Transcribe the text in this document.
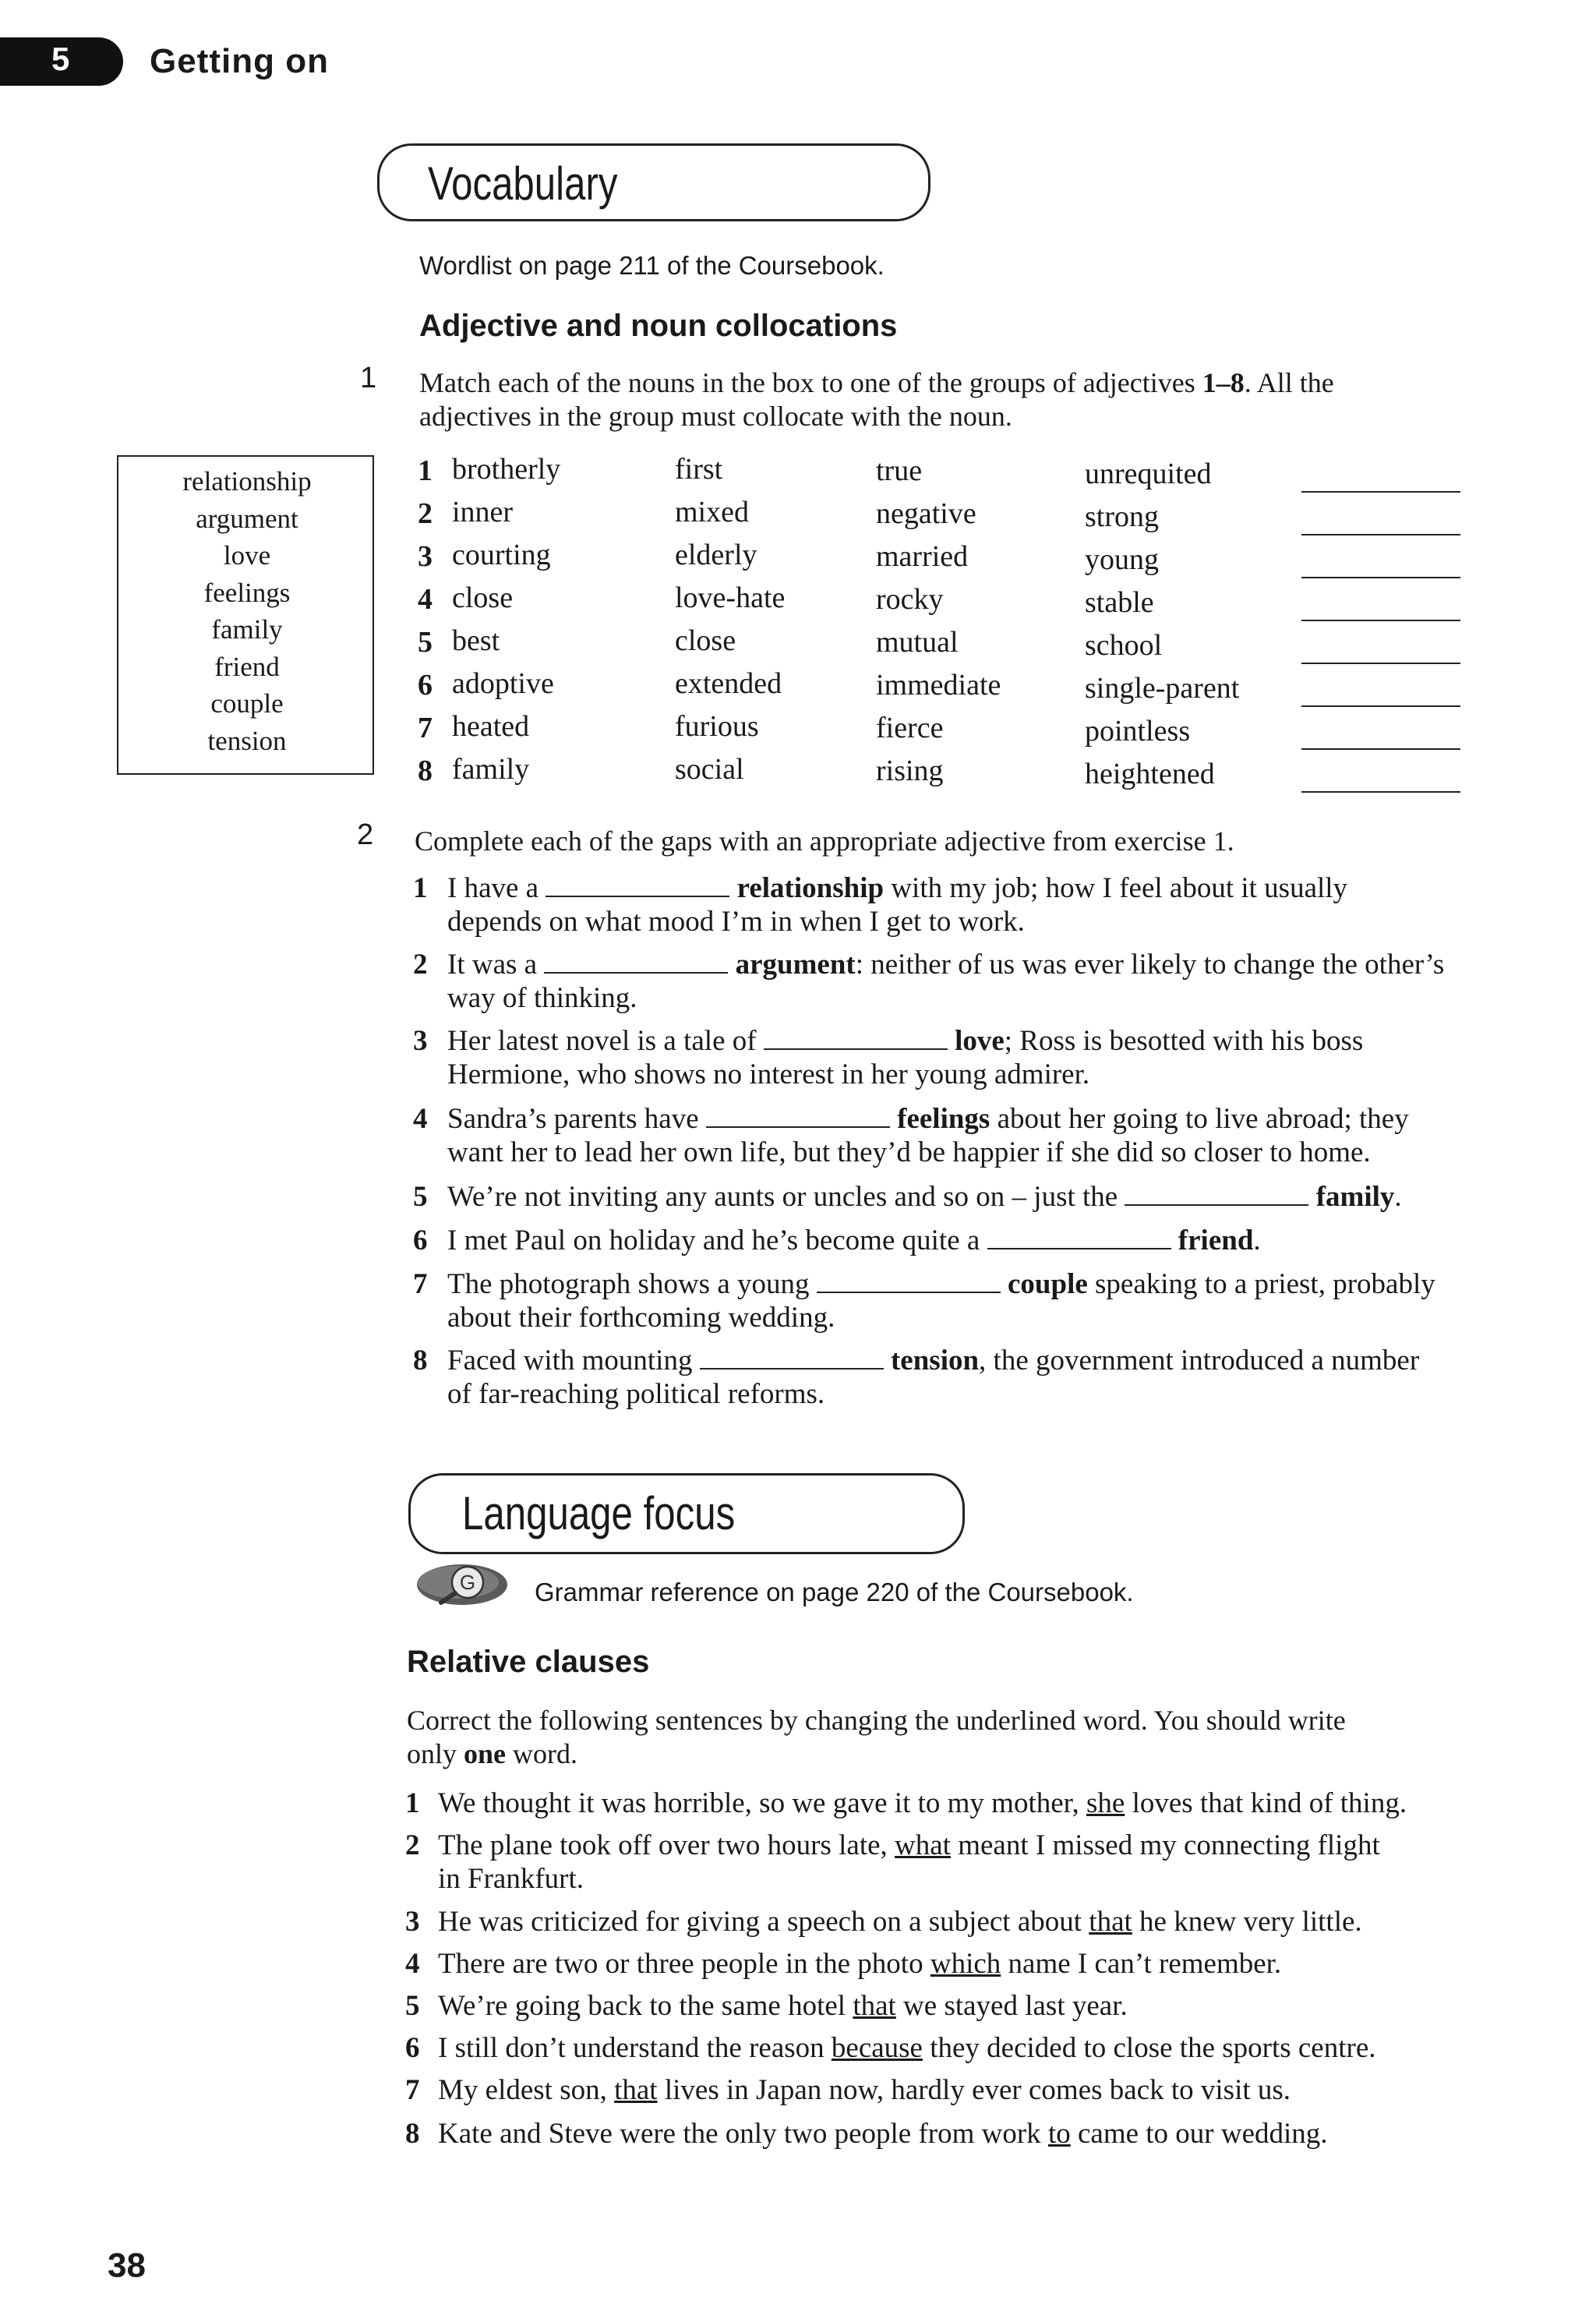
5 Getting on
Vocabulary
Wordlist on page 211 of the Coursebook.
Adjective and noun collocations
1 Match each of the nouns in the box to one of the groups of adjectives 1–8. All the
adjectives in the group must collocate with the noun.
relationship
argument
love
feelings
family
friend
couple
tension
1 brotherly	first	true	unrequited
2 inner	mixed	negative	strong
3 courting	elderly	married	young
4 close	love-hate	rocky	stable
5 best	close	mutual	school
6 adoptive	extended	immediate	single-parent
7 heated	furious	fierce	pointless
8 family	social	rising	heightened
2 Complete each of the gaps with an appropriate adjective from exercise 1.
1 I have a	relationship with my job; how I feel about it usually
depends on what mood I’m in when I get to work.
2 It was a	argument: neither of us was ever likely to change the other’s
way of thinking.
3 Her latest novel is a tale of	love; Ross is besotted with his boss
Hermione, who shows no interest in her young admirer.
4 Sandra’s parents have	feelings about her going to live abroad; they
want her to lead her own life, but they’d be happier if she did so closer to home.
5 We’re not inviting any aunts or uncles and so on – just the	family.
6 I met Paul on holiday and he’s become quite a	friend.
7 The photograph shows a young	couple speaking to a priest, probably
about their forthcoming wedding.
8 Faced with mounting	tension, the government introduced a number
of far-reaching political reforms.
Language focus
G Grammar reference on page 220 of the Coursebook.
Relative clauses
Correct the following sentences by changing the underlined word. You should write
only one word.
1 We thought it was horrible, so we gave it to my mother, she loves that kind of thing.
2 The plane took off over two hours late, what meant I missed my connecting flight
in Frankfurt.
3 He was criticized for giving a speech on a subject about that he knew very little.
4 There are two or three people in the photo which name I can’t remember.
5 We’re going back to the same hotel that we stayed last year.
6 I still don’t understand the reason because they decided to close the sports centre.
7 My eldest son, that lives in Japan now, hardly ever comes back to visit us.
8 Kate and Steve were the only two people from work to came to our wedding.
38
